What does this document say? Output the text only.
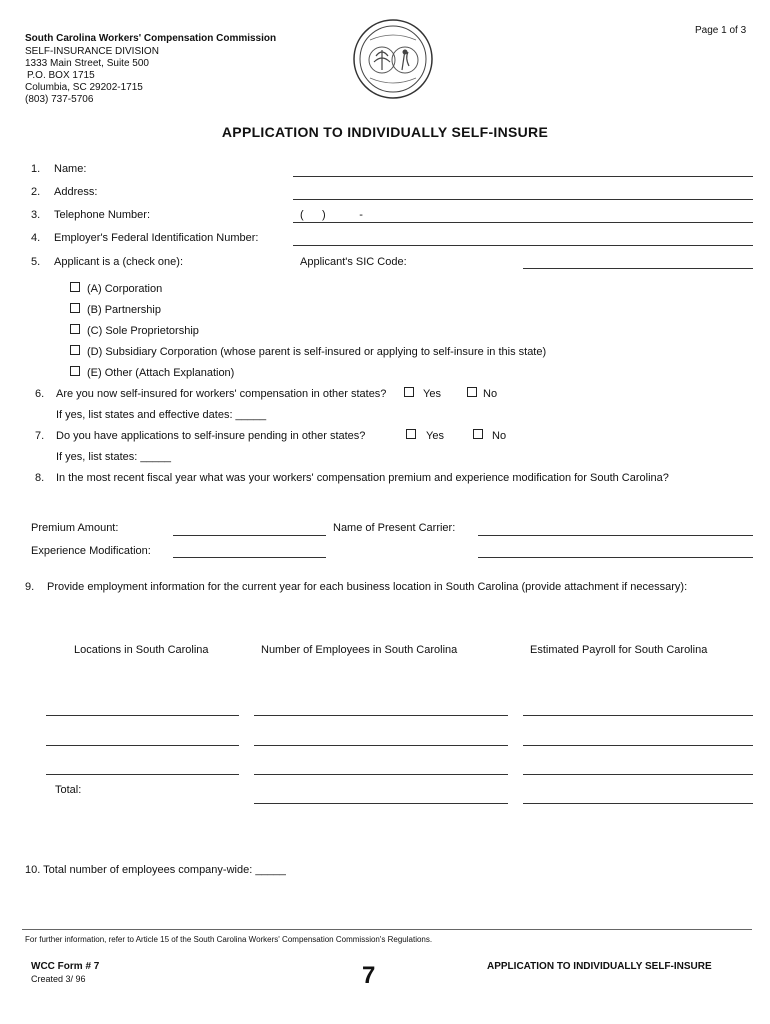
Page 1 of 3
South Carolina Workers' Compensation Commission
SELF-INSURANCE DIVISION
1333 Main Street, Suite 500
P.O. BOX 1715
Columbia, SC 29202-1715
(803) 737-5706
APPLICATION TO INDIVIDUALLY SELF-INSURE
1. Name:
2. Address:
3. Telephone Number:	(      )           -
4. Employer's Federal Identification Number:
5. Applicant is a (check one):	Applicant's SIC Code:
(A) Corporation
(B) Partnership
(C) Sole Proprietorship
(D) Subsidiary Corporation (whose parent is self-insured or applying to self-insure in this state)
(E) Other (Attach Explanation)
6. Are you now self-insured for workers' compensation in other states?	Yes	No
If yes, list states and effective dates: _____
7. Do you have applications to self-insure pending in other states?	Yes	No
If yes, list states: _____
8. In the most recent fiscal year what was your workers' compensation premium and experience modification for South Carolina?
Premium Amount:	Name of Present Carrier:
Experience Modification:
9. Provide employment information for the current year for each business location in South Carolina (provide attachment if necessary):
Locations in South Carolina	Number of Employees in South Carolina	Estimated Payroll for South Carolina
Total:
10. Total number of employees company-wide: _____
For further information, refer to Article 15 of the South Carolina Workers' Compensation Commission's Regulations.
WCC Form # 7
Created 3/ 96	7	APPLICATION TO INDIVIDUALLY SELF-INSURE
